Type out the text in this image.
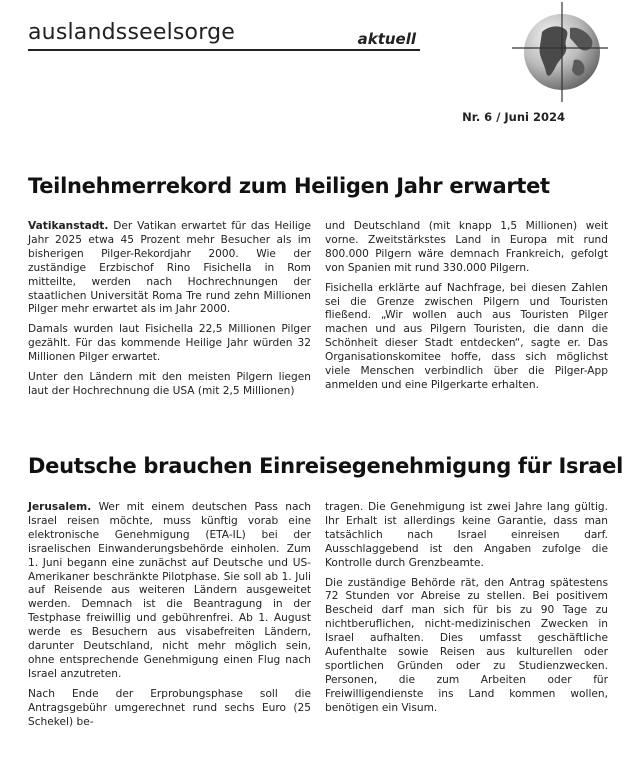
auslandsseelsorge	aktuell
Nr. 6 / Juni 2024
Teilnehmerrekord zum Heiligen Jahr erwartet

Vatikanstadt. Der Vatikan erwartet für das Heilige Jahr 2025 etwa 45 Prozent mehr Besucher als im bisherigen Pilger-Rekordjahr 2000. Wie der zuständige Erzbischof Rino Fisichella in Rom mitteilte, werden nach Hochrechnungen der staatlichen Universität Roma Tre rund zehn Millionen Pilger mehr erwartet als im Jahr 2000.

Damals wurden laut Fisichella 22,5 Millionen Pilger gezählt. Für das kommende Heilige Jahr würden 32 Millionen Pilger erwartet.

Unter den Ländern mit den meisten Pilgern liegen laut der Hochrechnung die USA (mit 2,5 Millionen)

und Deutschland (mit knapp 1,5 Millionen) weit vorne. Zweitstärkstes Land in Europa mit rund 800.000 Pilgern wäre demnach Frankreich, gefolgt von Spanien mit rund 330.000 Pilgern.

Fisichella erklärte auf Nachfrage, bei diesen Zahlen sei die Grenze zwischen Pilgern und Touristen fließend. „Wir wollen auch aus Touristen Pilger machen und aus Pilgern Touristen, die dann die Schönheit dieser Stadt entdecken“, sagte er. Das Organisationskomitee hoffe, dass sich möglichst viele Menschen verbindlich über die Pilger-App anmelden und eine Pilgerkarte erhalten.

Deutsche brauchen Einreisegenehmigung für Israel

Jerusalem. Wer mit einem deutschen Pass nach Israel reisen möchte, muss künftig vorab eine elektronische Genehmigung (ETA-IL) bei der israelischen Einwanderungsbehörde einholen. Zum 1. Juni begann eine zunächst auf Deutsche und US-Amerikaner beschränkte Pilotphase. Sie soll ab 1. Juli auf Reisende aus weiteren Ländern ausgeweitet werden. Demnach ist die Beantragung in der Testphase freiwillig und gebührenfrei. Ab 1. August werde es Besuchern aus visabefreiten Ländern, darunter Deutschland, nicht mehr möglich sein, ohne entsprechende Genehmigung einen Flug nach Israel anzutreten.

Nach Ende der Erprobungsphase soll die Antragsgebühr umgerechnet rund sechs Euro (25 Schekel) be-

tragen. Die Genehmigung ist zwei Jahre lang gültig. Ihr Erhalt ist allerdings keine Garantie, dass man tatsächlich nach Israel einreisen darf. Ausschlaggebend ist den Angaben zufolge die Kontrolle durch Grenzbeamte.

Die zuständige Behörde rät, den Antrag spätestens 72 Stunden vor Abreise zu stellen. Bei positivem Bescheid darf man sich für bis zu 90 Tage zu nichtberuflichen, nicht-medizinischen Zwecken in Israel aufhalten. Dies umfasst geschäftliche Aufenthalte sowie Reisen aus kulturellen oder sportlichen Gründen oder zu Studienzwecken. Personen, die zum Arbeiten oder für Freiwilligendienste ins Land kommen wollen, benötigen ein Visum.
